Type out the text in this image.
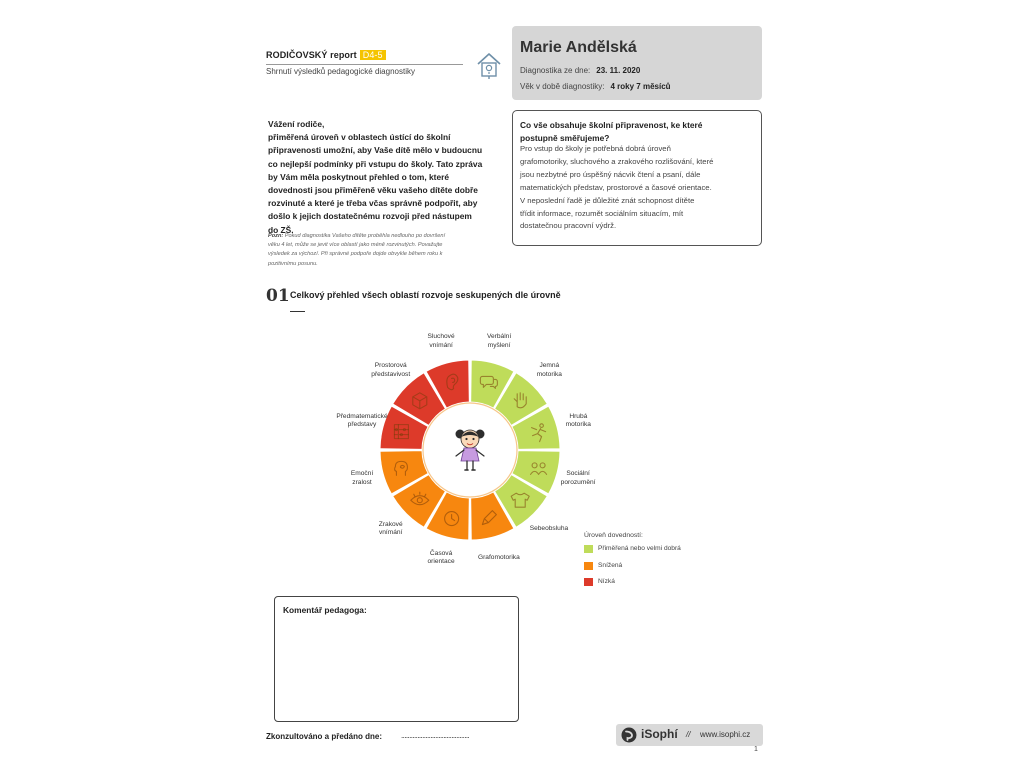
RODIČOVSKÝ report D4-5
Shrnutí výsledků pedagogické diagnostiky
Marie Andělská
Diagnostika ze dne: 23. 11. 2020
Věk v době diagnostiky: 4 roky 7 měsíců
Vážení rodiče,
přiměřená úroveň v oblastech ústící do školní
připravenosti umožní, aby Vaše dítě mělo v budoucnu
co nejlepší podmínky při vstupu do školy. Tato zpráva
by Vám měla poskytnout přehled o tom, které
dovednosti jsou přiměřeně věku vašeho dítěte dobře
rozvinuté a které je třeba včas správně podpořit, aby
došlo k jejich dostatečnému rozvoji před nástupem
do ZŠ.
Pozn: Pokud diagnostika Vašeho dítěte proběhla nedlouho po dovršení
věku 4 let, může se jevit více oblastí jako méně rozvinutých. Považujte
výsledek za výchozí. Při správné podpoře dojde obvykle během roku k
pozitivnímu posunu.
Co vše obsahuje školní připravenost, ke které
postupně směřujeme?
Pro vstup do školy je potřebná dobrá úroveň
grafomotoriky, sluchového a zrakového rozlišování, které
jsou nezbytné pro úspěšný nácvik čtení a psaní, dále
matematických představ, prostorové a časové orientace.
V neposlední řadě je důležité znát schopnost dítěte
třídit informace, rozumět sociálním situacím, mít
dostatečnou pracovní výdrž.
01 Celkový přehled všech oblastí rozvoje seskupených dle úrovně
Verbální
myšlení
Jemná
motorika
Hrubá
motorika
Sociální
porozumění
Sebeobsluha
Grafomotorika
Časová
orientace
Zrakové
vnímání
Emoční
zralost
Předmatematické
představy
Prostorová
představivost
Sluchové
vnímání
Úroveň dovedností:
Přiměřená nebo velmi dobrá
Snížená
Nízká
Komentář pedagoga:
Zkonzultováno a předáno dne: ..........................................	iSophí // www.isophi.cz
1
